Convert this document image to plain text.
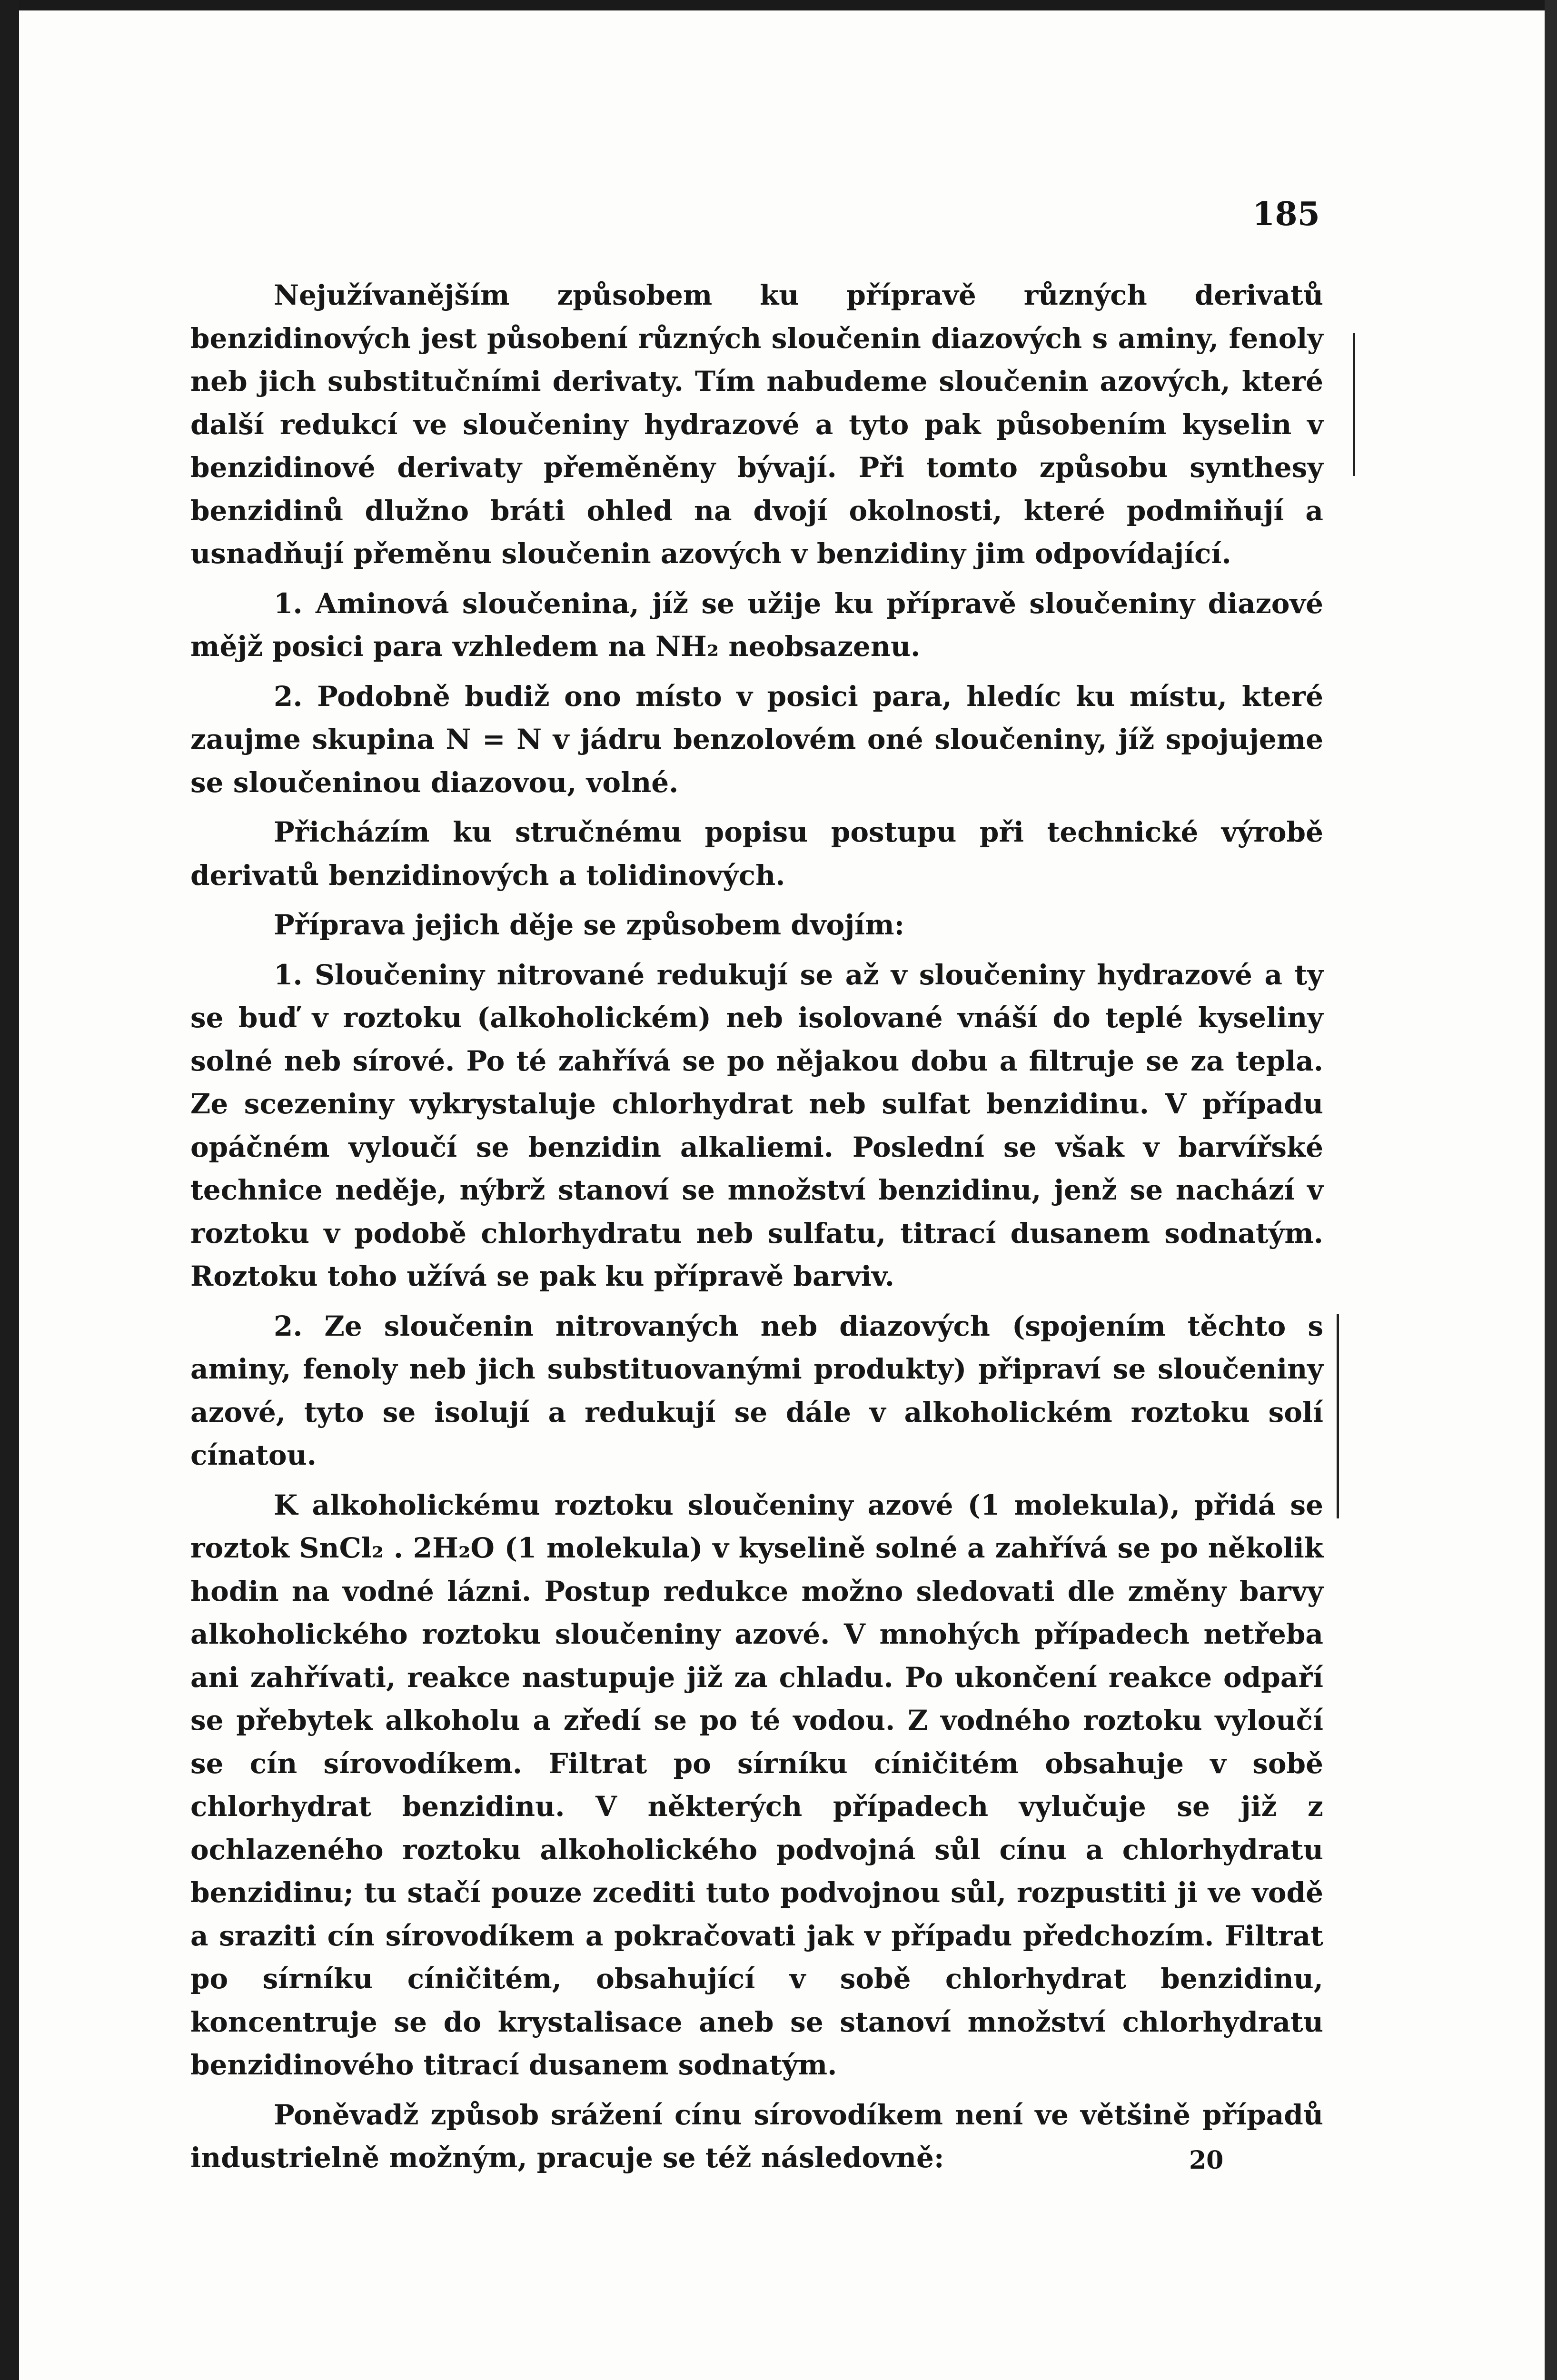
185

Nejužívanějším způsobem ku přípravě různých derivatů benzidinových jest působení různých sloučenin diazových s aminy, fenoly neb jich substitučními derivaty. Tím nabudeme sloučenin azových, které další redukcí ve sloučeniny hydrazové a tyto pak působením kyselin v benzidinové derivaty přeměněny bývají. Při tomto způsobu synthesy benzidinů dlužno bráti ohled na dvojí okolnosti, které podmiňují a usnadňují přeměnu sloučenin azových v benzidiny jim odpovídající.

1. Aminová sloučenina, jíž se užije ku přípravě sloučeniny diazové mějž posici para vzhledem na NH₂ neobsazenu.

2. Podobně budiž ono místo v posici para, hledíc ku místu, které zaujme skupina N = N v jádru benzolovém oné sloučeniny, jíž spojujeme se sloučeninou diazovou, volné.

Přicházím ku stručnému popisu postupu při technické výrobě derivatů benzidinových a tolidinových.

Příprava jejich děje se způsobem dvojím:

1. Sloučeniny nitrované redukují se až v sloučeniny hydrazové a ty se buď v roztoku (alkoholickém) neb isolované vnáší do teplé kyseliny solné neb sírové. Po té zahřívá se po nějakou dobu a filtruje se za tepla. Ze scezeniny vykrystaluje chlorhydrat neb sulfat benzidinu. V případu opáčném vyloučí se benzidin alkaliemi. Poslední se však v barvířské technice neděje, nýbrž stanoví se množství benzidinu, jenž se nachází v roztoku v podobě chlorhydratu neb sulfatu, titrací dusanem sodnatým. Roztoku toho užívá se pak ku přípravě barviv.

2. Ze sloučenin nitrovaných neb diazových (spojením těchto s aminy, fenoly neb jich substituovanými produkty) připraví se sloučeniny azové, tyto se isolují a redukují se dále v alkoholickém roztoku solí cínatou.

K alkoholickému roztoku sloučeniny azové (1 molekula), přidá se roztok SnCl₂ . 2H₂O (1 molekula) v kyselině solné a zahřívá se po několik hodin na vodné lázni. Postup redukce možno sledovati dle změny barvy alkoholického roztoku sloučeniny azové. V mnohých případech netřeba ani zahřívati, reakce nastupuje již za chladu. Po ukončení reakce odpaří se přebytek alkoholu a zředí se po té vodou. Z vodného roztoku vyloučí se cín sírovodíkem. Filtrat po sírníku cíničitém obsahuje v sobě chlorhydrat benzidinu. V některých případech vylučuje se již z ochlazeného roztoku alkoholického podvojná sůl cínu a chlorhydratu benzidinu; tu stačí pouze zceditі tuto podvojnou sůl, rozpustiti ji ve vodě a sraziti cín sírovodíkem a pokračovati jak v případu předchozím. Filtrat po sírníku cíničitém, obsahující v sobě chlorhydrat benzidinu, koncentruje se do krystalisace aneb se stanoví množství chlorhydratu benzidinového titrací dusanem sodnatým.

Poněvadž způsob srážení cínu sírovodíkem není ve většině případů industrielně možným, pracuje se též následovně:	20
